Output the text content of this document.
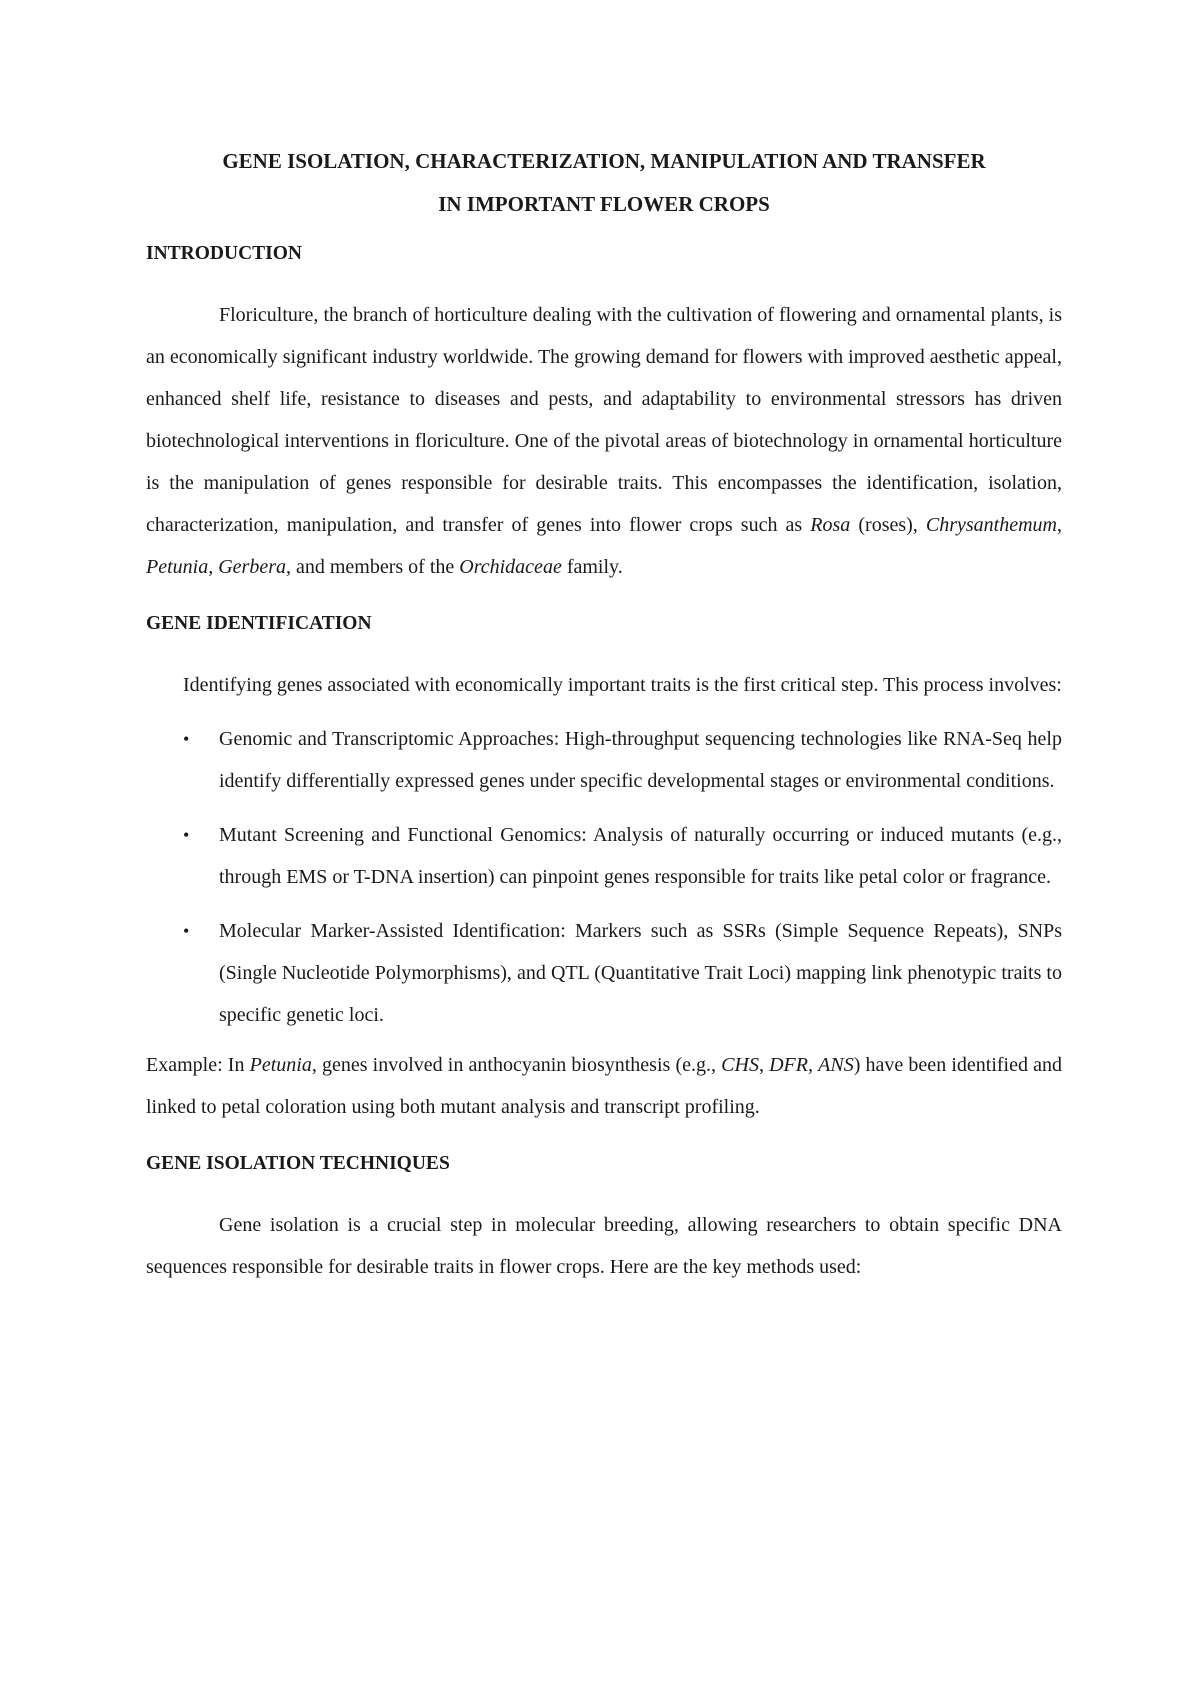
GENE ISOLATION, CHARACTERIZATION, MANIPULATION AND TRANSFER
IN IMPORTANT FLOWER CROPS
INTRODUCTION

Floriculture, the branch of horticulture dealing with the cultivation of flowering and ornamental plants, is an economically significant industry worldwide. The growing demand for flowers with improved aesthetic appeal, enhanced shelf life, resistance to diseases and pests, and adaptability to environmental stressors has driven biotechnological interventions in floriculture. One of the pivotal areas of biotechnology in ornamental horticulture is the manipulation of genes responsible for desirable traits. This encompasses the identification, isolation, characterization, manipulation, and transfer of genes into flower crops such as Rosa (roses), Chrysanthemum, Petunia, Gerbera, and members of the Orchidaceae family.

GENE IDENTIFICATION

Identifying genes associated with economically important traits is the first critical step. This process involves:

• Genomic and Transcriptomic Approaches: High-throughput sequencing technologies like RNA-Seq help identify differentially expressed genes under specific developmental stages or environmental conditions.
• Mutant Screening and Functional Genomics: Analysis of naturally occurring or induced mutants (e.g., through EMS or T-DNA insertion) can pinpoint genes responsible for traits like petal color or fragrance.
• Molecular Marker-Assisted Identification: Markers such as SSRs (Simple Sequence Repeats), SNPs (Single Nucleotide Polymorphisms), and QTL (Quantitative Trait Loci) mapping link phenotypic traits to specific genetic loci.

Example: In Petunia, genes involved in anthocyanin biosynthesis (e.g., CHS, DFR, ANS) have been identified and linked to petal coloration using both mutant analysis and transcript profiling.

GENE ISOLATION TECHNIQUES

Gene isolation is a crucial step in molecular breeding, allowing researchers to obtain specific DNA sequences responsible for desirable traits in flower crops. Here are the key methods used:
